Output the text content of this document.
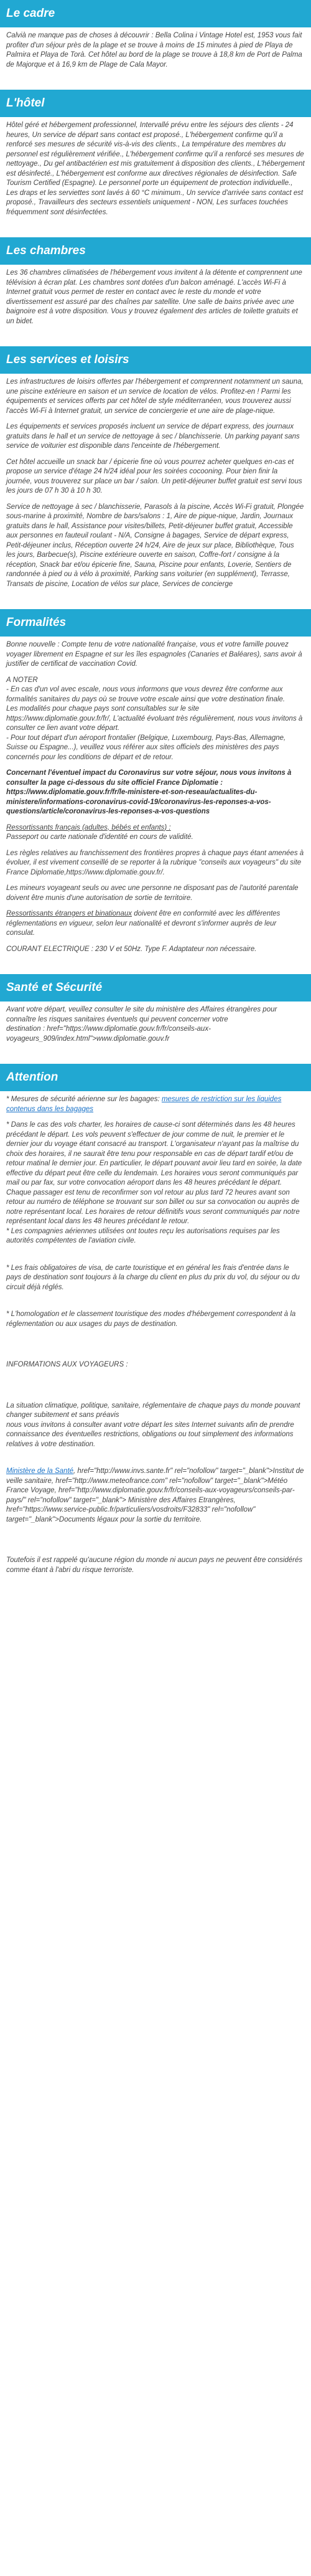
Le cadre

Calvià ne manque pas de choses à découvrir : Bella Colina i Vintage Hotel est, 1953 vous fait profiter d'un séjour près de la plage et se trouve à moins de 15 minutes à pied de Playa de Palmira et Playa de Torà. Cet hôtel au bord de la plage se trouve à 18,8 km de Port de Palma de Majorque et à 16,9 km de Plage de Cala Mayor.

L'hôtel

Hôtel géré et hébergement professionnel, Intervallé prévu entre les séjours des clients - 24 heures, Un service de départ sans contact est proposé., L'hébergement confirme qu'il a renforcé ses mesures de sécurité vis-à-vis des clients., La température des membres du personnel est régulièrement vérifiée., L'hébergement confirme qu'il a renforcé ses mesures de nettoyage., Du gel antibactérien est mis gratuitement à disposition des clients., L'hébergement est désinfecté., L'hébergement est conforme aux directives régionales de désinfection. Safe Tourism Certified (Espagne). Le personnel porte un équipement de protection individuelle., Les draps et les serviettes sont lavés à 60 °C minimum., Un service d'arrivée sans contact est proposé., Travailleurs des secteurs essentiels uniquement - NON, Les surfaces touchées fréquemment sont désinfectées.

Les chambres

Les 36 chambres climatisées de l'hébergement vous invitent à la détente et comprennent une télévision à écran plat. Les chambres sont dotées d'un balcon aménagé. L'accès Wi-Fi à Internet gratuit vous permet de rester en contact avec le reste du monde et votre divertissement est assuré par des chaînes par satellite. Une salle de bains privée avec une baignoire est à votre disposition. Vous y trouvez également des articles de toilette gratuits et un bidet.

Les services et loisirs

Les infrastructures de loisirs offertes par l'hébergement et comprennent notamment un sauna, une piscine extérieure en saison et un service de location de vélos. Profitez-en ! Parmi les équipements et services offerts par cet hôtel de style méditerranéen, vous trouverez aussi l'accès Wi-Fi à Internet gratuit, un service de conciergerie et une aire de plage-nique.

Les équipements et services proposés incluent un service de départ express, des journaux gratuits dans le hall et un service de nettoyage à sec / blanchisserie. Un parking payant sans service de voiturier est disponible dans l'enceinte de l'hébergement.

Cet hôtel accueille un snack bar / épicerie fine où vous pourrez acheter quelques en-cas et propose un service d'étage 24 h/24 idéal pour les soirées cocooning. Pour bien finir la journée, vous trouverez sur place un bar / salon. Un petit-déjeuner buffet gratuit est servi tous les jours de 07 h 30 à 10 h 30.

Service de nettoyage à sec / blanchisserie, Parasols à la piscine, Accès Wi-Fi gratuit, Plongée sous-marine à proximité, Nombre de bars/salons : 1, Aire de pique-nique, Jardin, Journaux gratuits dans le hall, Assistance pour visites/billets, Petit-déjeuner buffet gratuit, Accessible aux personnes en fauteuil roulant - N/A, Consigne à bagages, Service de départ express, Petit-déjeuner inclus, Réception ouverte 24 h/24, Aire de jeux sur place, Bibliothèque, Tous les jours, Barbecue(s), Piscine extérieure ouverte en saison, Coffre-fort / consigne à la réception, Snack bar et/ou épicerie fine, Sauna, Piscine pour enfants, Loverie, Sentiers de randonnée à pied ou à vélo à proximité, Parking sans voiturier (en supplément), Terrasse, Transats de piscine, Location de vélos sur place, Services de concierge

Formalités

Bonne nouvelle : Compte tenu de votre nationalité française, vous et votre famille pouvez voyager librement en Espagne et sur les îles espagnoles (Canaries et Baléares), sans avoir à justifier de certificat de vaccination Covid.

A NOTER
- En cas d'un vol avec escale, nous vous informons que vous devrez être conforme aux formalités sanitaires du pays où se trouve votre escale ainsi que votre destination finale.
Les modalités pour chaque pays sont consultables sur le site https://www.diplomatie.gouv.fr/fr/, L'actualité évoluant très régulièrement, nous vous invitons à consulter ce lien avant votre départ.
- Pour tout départ d'un aéroport frontalier (Belgique, Luxembourg, Pays-Bas, Allemagne, Suisse ou Espagne...), veuillez vous référer aux sites officiels des ministères des pays concernés pour les conditions de départ et de retour.

Concernant l'éventuel impact du Coronavirus sur votre séjour, nous vous invitons à consulter la page ci-dessous du site officiel France Diplomatie : https://www.diplomatie.gouv.fr/fr/le-ministere-et-son-reseau/actualites-du-ministere/informations-coronavirus-covid-19/coronavirus-les-reponses-a-vos-questions/article/coronavirus-les-reponses-a-vos-questions

Ressortissants français (adultes, bébés et enfants) :
Passeport ou carte nationale d'identité en cours de validité.

Les règles relatives au franchissement des frontières propres à chaque pays étant amenées à évoluer, il est vivement conseillé de se reporter à la rubrique "conseils aux voyageurs" du site France Diplomatie,https://www.diplomatie.gouv.fr/.

Les mineurs voyageant seuls ou avec une personne ne disposant pas de l'autorité parentale doivent être munis d'une autorisation de sortie de territoire.

Ressortissants étrangers et binationaux doivent être en conformité avec les différentes réglementations en vigueur, selon leur nationalité et devront s'informer auprès de leur consulat.

COURANT ELECTRIQUE : 230 V et 50Hz. Type F. Adaptateur non nécessaire.

Santé et Sécurité

Avant votre départ, veuillez consulter le site du ministère des Affaires étrangères pour connaître les risques sanitaires éventuels qui peuvent concerner votre
destination : href="https://www.diplomatie.gouv.fr/fr/conseils-aux-voyageurs_909/index.html">www.diplomatie.gouv.fr

Attention

* Mesures de sécurité aérienne sur les bagages: mesures de restriction sur les liquides contenus dans les bagages

* Dans le cas des vols charter, les horaires de cause-ci sont déterminés dans les 48 heures précédant le départ. Les vols peuvent s'effectuer de jour comme de nuit, le premier et le dernier jour du voyage étant consacré au transport. L'organisateur n'ayant pas la maîtrise du choix des horaires, il ne saurait être tenu pour responsable en cas de départ tardif et/ou de retour matinal le dernier jour. En particulier, le départ pouvant avoir lieu tard en soirée, la date effective du départ peut être celle du lendemain. Les horaires vous seront communiqués par mail ou par fax, sur votre convocation aéroport dans les 48 heures précédant le départ. Chaque passager est tenu de reconfirmer son vol retour au plus tard 72 heures avant son retour au numéro de téléphone se trouvant sur son billet ou sur sa convocation ou auprès de notre représentant local. Les horaires de retour définitifs vous seront communiqués par notre représentant local dans les 48 heures précédant le retour.
* Les compagnies aériennes utilisées ont toutes reçu les autorisations requises par les autorités compétentes de l'aviation civile.

* Les frais obligatoires de visa, de carte touristique et en général les frais d'entrée dans le pays de destination sont toujours à la charge du client en plus du prix du vol, du séjour ou du circuit déjà réglés.

* L'homologation et le classement touristique des modes d'hébergement correspondent à la réglementation ou aux usages du pays de destination.

INFORMATIONS AUX VOYAGEURS :

La situation climatique, politique, sanitaire, réglementaire de chaque pays du monde pouvant changer subitement et sans préavis
nous vous invitons à consulter avant votre départ les sites Internet suivants afin de prendre connaissance des éventuelles restrictions, obligations ou tout simplement des informations relatives à votre destination.

Ministère de la Santé, href="http://www.invs.sante.fr" rel="nofollow" target="_blank">Institut de veille sanitaire, href="http://www.meteofrance.com" rel="nofollow" target="_blank">Météo France Voyage, href="http://www.diplomatie.gouv.fr/fr/conseils-aux-voyageurs/conseils-par-pays/" rel="nofollow" target="_blank"> Ministère des Affaires Etrangères, href="https://www.service-public.fr/particuliers/vosdroits/F32833" rel="nofollow" target="_blank">Documents légaux pour la sortie du territoire.

Toutefois il est rappelé qu'aucune région du monde ni aucun pays ne peuvent être considérés comme étant à l'abri du risque terroriste.
